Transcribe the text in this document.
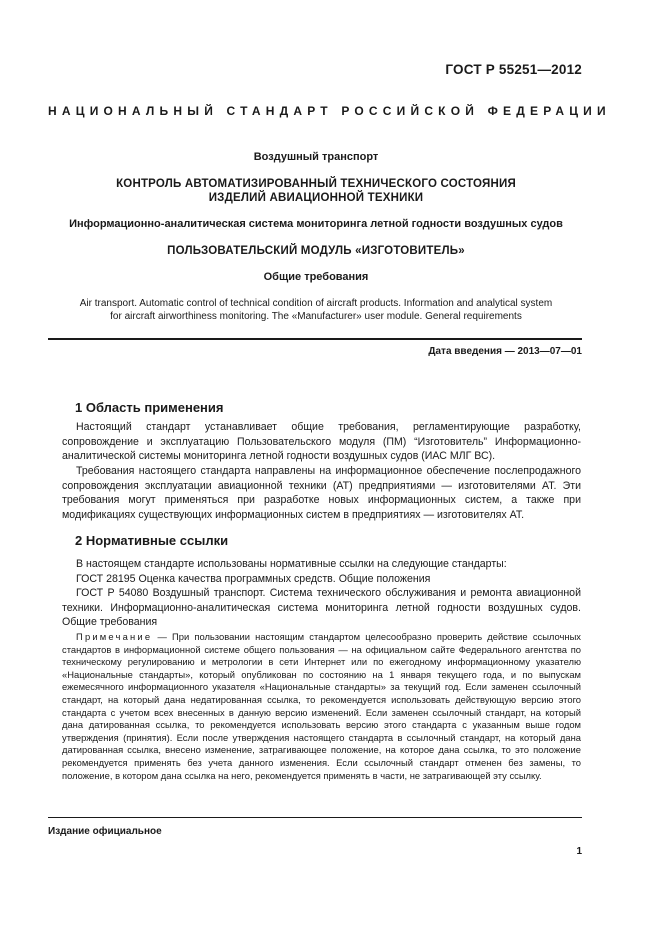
ГОСТ Р 55251—2012
НАЦИОНАЛЬНЫЙ СТАНДАРТ РОССИЙСКОЙ ФЕДЕРАЦИИ
Воздушный транспорт
КОНТРОЛЬ АВТОМАТИЗИРОВАННЫЙ ТЕХНИЧЕСКОГО СОСТОЯНИЯ
ИЗДЕЛИЙ АВИАЦИОННОЙ ТЕХНИКИ
Информационно-аналитическая система мониторинга летной годности воздушных судов
ПОЛЬЗОВАТЕЛЬСКИЙ МОДУЛЬ «ИЗГОТОВИТЕЛЬ»
Общие требования
Air transport. Automatic control of technical condition of aircraft products. Information and analytical system
for aircraft airworthiness monitoring. The «Manufacturer» user module. General requirements
Дата введения — 2013—07—01
1 Область применения
Настоящий стандарт устанавливает общие требования, регламентирующие разработку, сопровождение и эксплуатацию Пользовательского модуля (ПМ) “Изготовитель” Информационно-аналитической системы мониторинга летной годности воздушных судов (ИАС МЛГ ВС).
Требования настоящего стандарта направлены на информационное обеспечение послепродажного сопровождения эксплуатации авиационной техники (АТ) предприятиями — изготовителями АТ. Эти требования могут применяться при разработке новых информационных систем, а также при модификациях существующих информационных систем в предприятиях — изготовителях АТ.
2 Нормативные ссылки
В настоящем стандарте использованы нормативные ссылки на следующие стандарты:
ГОСТ 28195 Оценка качества программных средств. Общие положения
ГОСТ Р 54080 Воздушный транспорт. Система технического обслуживания и ремонта авиационной техники. Информационно-аналитическая система мониторинга летной годности воздушных судов. Общие требования
Примечание — При пользовании настоящим стандартом целесообразно проверить действие ссылочных стандартов в информационной системе общего пользования — на официальном сайте Федерального агентства по техническому регулированию и метрологии в сети Интернет или по ежегодному информационному указателю «Национальные стандарты», который опубликован по состоянию на 1 января текущего года, и по выпускам ежемесячного информационного указателя «Национальные стандарты» за текущий год. Если заменен ссылочный стандарт, на который дана недатированная ссылка, то рекомендуется использовать действующую версию этого стандарта с учетом всех внесенных в данную версию изменений. Если заменен ссылочный стандарт, на который дана датированная ссылка, то рекомендуется использовать версию этого стандарта с указанным выше годом утверждения (принятия). Если после утверждения настоящего стандарта в ссылочный стандарт, на который дана датированная ссылка, внесено изменение, затрагивающее положение, на которое дана ссылка, то это положение рекомендуется применять без учета данного изменения. Если ссылочный стандарт отменен без замены, то положение, в котором дана ссылка на него, рекомендуется применять в части, не затрагивающей эту ссылку.
Издание официальное
1
